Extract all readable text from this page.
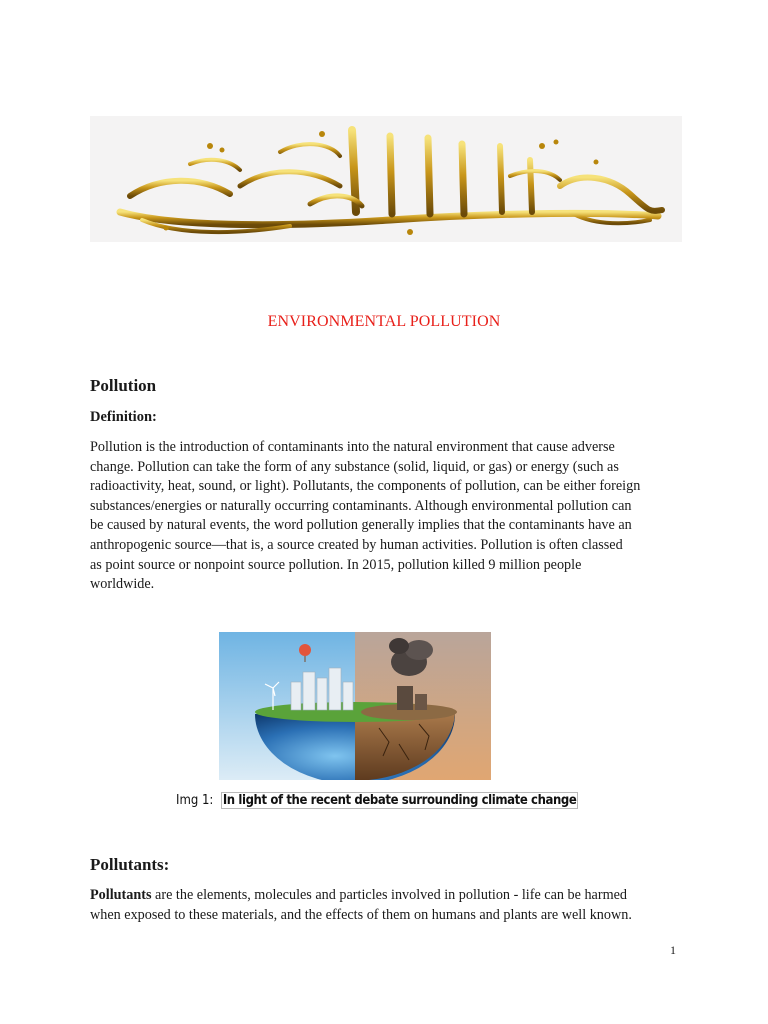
ENVIRONMENTAL POLLUTION
Pollution
Definition:
Pollution is the introduction of contaminants into the natural environment that cause adverse
change. Pollution can take the form of any substance (solid, liquid, or gas) or energy (such as
radioactivity, heat, sound, or light). Pollutants, the components of pollution, can be either foreign
substances/energies or naturally occurring contaminants. Although environmental pollution can
be caused by natural events, the word pollution generally implies that the contaminants have an
anthropogenic source—that is, a source created by human activities. Pollution is often classed
as point source or nonpoint source pollution. In 2015, pollution killed 9 million people
worldwide.
Img 1: In light of the recent debate surrounding climate change
Pollutants:
Pollutants are the elements, molecules and particles involved in pollution - life can be harmed
when exposed to these materials, and the effects of them on humans and plants are well known.
1
